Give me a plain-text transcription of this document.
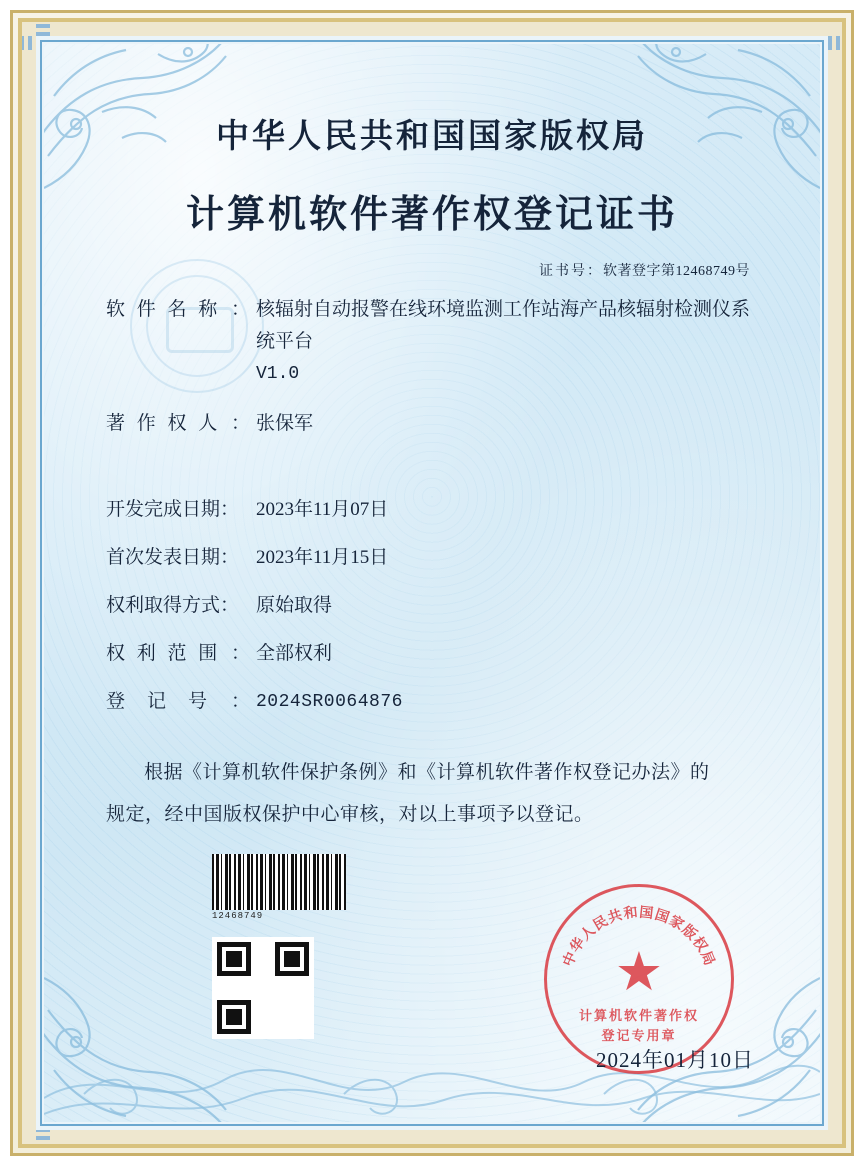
中华人民共和国国家版权局
计算机软件著作权登记证书
证书号：软著登字第12468749号
软 件 名 称 ： 核辐射自动报警在线环境监测工作站海产品核辐射检测仪系统平台
V1.0
著 作 权 人 ： 张保军
开发完成日期： 2023年11月07日
首次发表日期： 2023年11月15日
权利取得方式： 原始取得
权 利 范 围 ： 全部权利
登 记 号 ： 2024SR0064876
根据《计算机软件保护条例》和《计算机软件著作权登记办法》的
规定，经中国版权保护中心审核，对以上事项予以登记。
12468749
中华人民共和国国家版权局
★
计算机软件著作权
登记专用章
2024年01月10日
